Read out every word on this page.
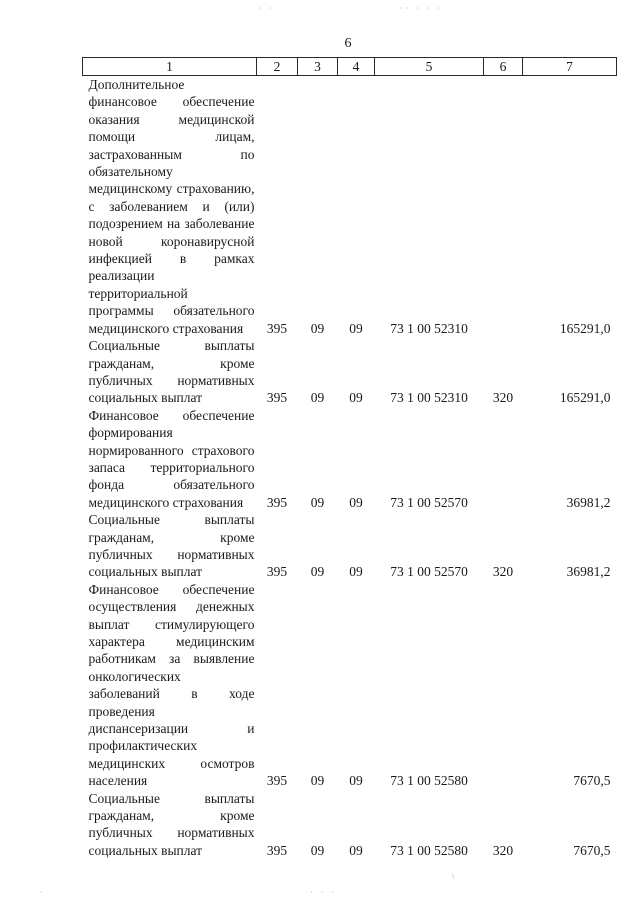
6
1	2	3	4	5	6	7
Дополнительное финансовое обеспечение оказания медицинской помощи лицам, застрахованным по обязательному медицинскому страхованию, с заболеванием и (или) подозрением на заболевание новой коронавирусной инфекцией в рамках реализации территориальной программы обязательного медицинского страхования	395	09	09	73 1 00 52310		165291,0
Социальные выплаты гражданам, кроме публичных нормативных социальных выплат	395	09	09	73 1 00 52310	320	165291,0
Финансовое обеспечение формирования нормированного страхового запаса территориального фонда обязательного медицинского страхования	395	09	09	73 1 00 52570		36981,2
Социальные выплаты гражданам, кроме публичных нормативных социальных выплат	395	09	09	73 1 00 52570	320	36981,2
Финансовое обеспечение осуществления денежных выплат стимулирующего характера медицинским работникам за выявление онкологических заболеваний в ходе проведения диспансеризации и профилактических медицинских осмотров населения	395	09	09	73 1 00 52580		7670,5
Социальные выплаты гражданам, кроме публичных нормативных социальных выплат	395	09	09	73 1 00 52580	320	7670,5
· ·	·· · · ·
·	· · ·
\
